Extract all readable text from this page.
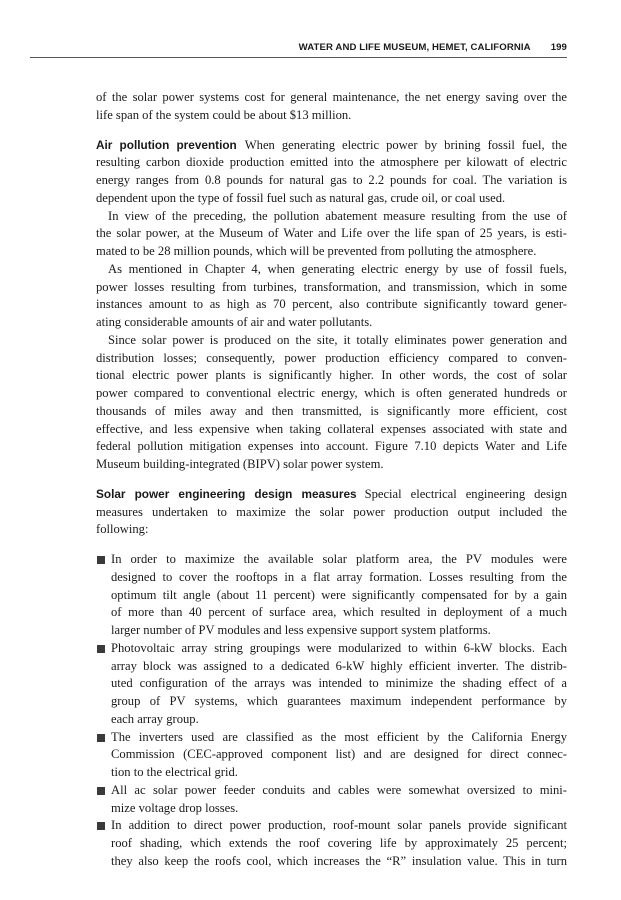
WATER AND LIFE MUSEUM, HEMET, CALIFORNIA 199
of the solar power systems cost for general maintenance, the net energy saving over the
life span of the system could be about $13 million.
Air pollution prevention When generating electric power by brining fossil fuel, the
resulting carbon dioxide production emitted into the atmosphere per kilowatt of electric
energy ranges from 0.8 pounds for natural gas to 2.2 pounds for coal. The variation is
dependent upon the type of fossil fuel such as natural gas, crude oil, or coal used.
In view of the preceding, the pollution abatement measure resulting from the use of
the solar power, at the Museum of Water and Life over the life span of 25 years, is esti-
mated to be 28 million pounds, which will be prevented from polluting the atmosphere.
As mentioned in Chapter 4, when generating electric energy by use of fossil fuels,
power losses resulting from turbines, transformation, and transmission, which in some
instances amount to as high as 70 percent, also contribute significantly toward gener-
ating considerable amounts of air and water pollutants.
Since solar power is produced on the site, it totally eliminates power generation and
distribution losses; consequently, power production efficiency compared to conven-
tional electric power plants is significantly higher. In other words, the cost of solar
power compared to conventional electric energy, which is often generated hundreds or
thousands of miles away and then transmitted, is significantly more efficient, cost
effective, and less expensive when taking collateral expenses associated with state and
federal pollution mitigation expenses into account. Figure 7.10 depicts Water and Life
Museum building-integrated (BIPV) solar power system.
Solar power engineering design measures Special electrical engineering design
measures undertaken to maximize the solar power production output included the
following:
In order to maximize the available solar platform area, the PV modules were
designed to cover the rooftops in a flat array formation. Losses resulting from the
optimum tilt angle (about 11 percent) were significantly compensated for by a gain
of more than 40 percent of surface area, which resulted in deployment of a much
larger number of PV modules and less expensive support system platforms.
Photovoltaic array string groupings were modularized to within 6-kW blocks. Each
array block was assigned to a dedicated 6-kW highly efficient inverter. The distrib-
uted configuration of the arrays was intended to minimize the shading effect of a
group of PV systems, which guarantees maximum independent performance by
each array group.
The inverters used are classified as the most efficient by the California Energy
Commission (CEC-approved component list) and are designed for direct connec-
tion to the electrical grid.
All ac solar power feeder conduits and cables were somewhat oversized to mini-
mize voltage drop losses.
In addition to direct power production, roof-mount solar panels provide significant
roof shading, which extends the roof covering life by approximately 25 percent;
they also keep the roofs cool, which increases the “R” insulation value. This in turn
